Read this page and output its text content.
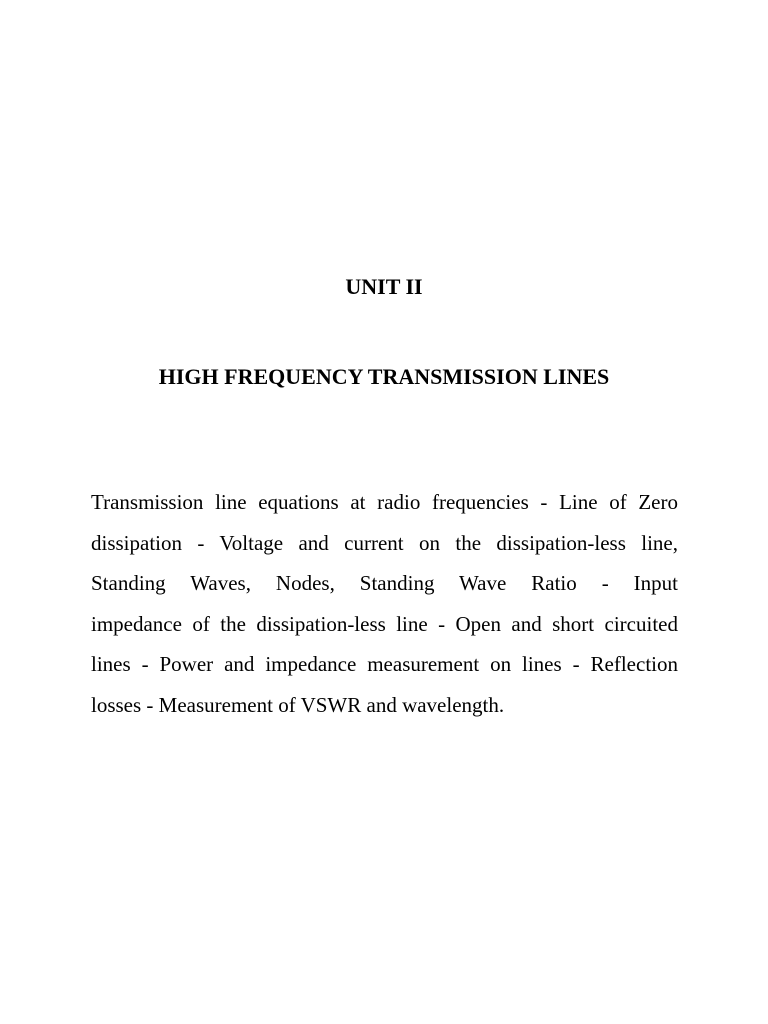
UNIT II
HIGH FREQUENCY TRANSMISSION LINES

Transmission line equations at radio frequencies - Line of Zero
dissipation - Voltage and current on the dissipation-less line,
Standing Waves, Nodes, Standing Wave Ratio - Input
impedance of the dissipation-less line - Open and short circuited
lines - Power and impedance measurement on lines - Reflection
losses - Measurement of VSWR and wavelength.
